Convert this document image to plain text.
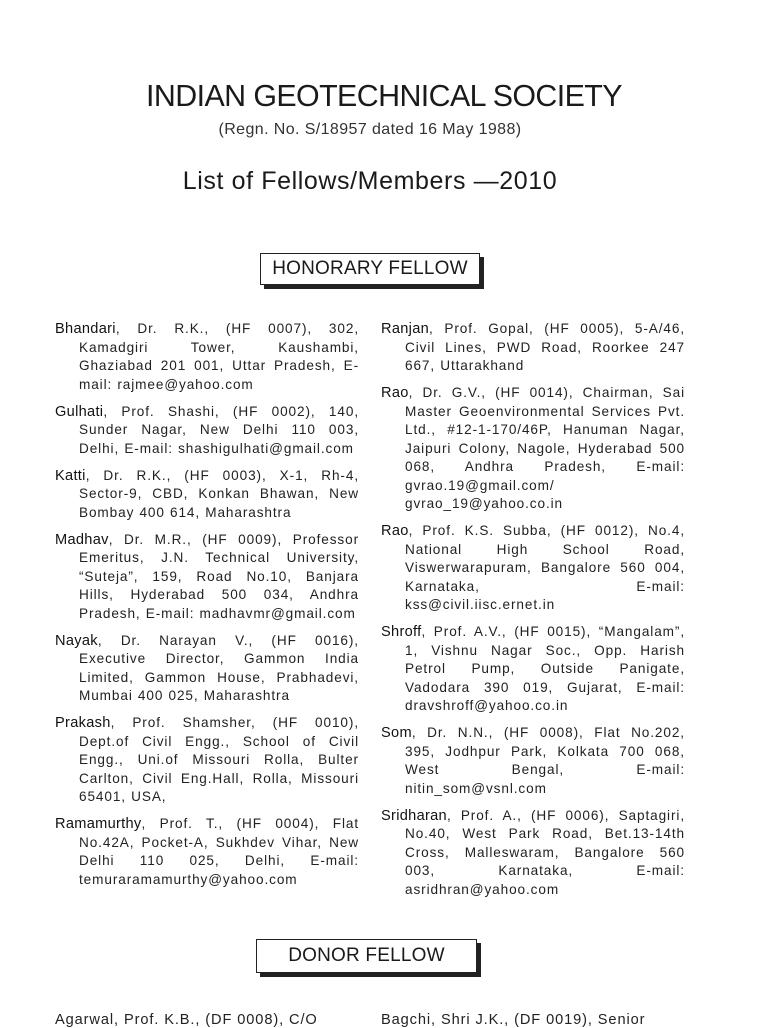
INDIAN GEOTECHNICAL SOCIETY
(Regn. No. S/18957 dated 16 May 1988)
List of Fellows/Members —2010
HONORARY FELLOW
Bhandari, Dr. R.K., (HF 0007), 302, Kamadgiri Tower, Kaushambi, Ghaziabad 201 001, Uttar Pradesh, E-mail: rajmee@yahoo.com
Gulhati, Prof. Shashi, (HF 0002), 140, Sunder Nagar, New Delhi 110 003, Delhi, E-mail: shashigulhati@gmail.com
Katti, Dr. R.K., (HF 0003), X-1, Rh-4, Sector-9, CBD, Konkan Bhawan, New Bombay 400 614, Maharashtra
Madhav, Dr. M.R., (HF 0009), Professor Emeritus, J.N. Technical University, “Suteja”, 159, Road No.10, Banjara Hills, Hyderabad 500 034, Andhra Pradesh, E-mail: madhavmr@gmail.com
Nayak, Dr. Narayan V., (HF 0016), Executive Director, Gammon India Limited, Gammon House, Prabhadevi, Mumbai 400 025, Maharashtra
Prakash, Prof. Shamsher, (HF 0010), Dept.of Civil Engg., School of Civil Engg., Uni.of Missouri Rolla, Bulter Carlton, Civil Eng.Hall, Rolla, Missouri 65401, USA,
Ramamurthy, Prof. T., (HF 0004), Flat No.42A, Pocket-A, Sukhdev Vihar, New Delhi 110 025, Delhi, E-mail: temuraramamurthy@yahoo.com
Ranjan, Prof. Gopal, (HF 0005), 5-A/46, Civil Lines, PWD Road, Roorkee 247 667, Uttarakhand
Rao, Dr. G.V., (HF 0014), Chairman, Sai Master Geoenvironmental Services Pvt. Ltd., #12-1-170/46P, Hanuman Nagar, Jaipuri Colony, Nagole, Hyderabad 500 068, Andhra Pradesh, E-mail: gvrao.19@gmail.com/ gvrao_19@yahoo.co.in
Rao, Prof. K.S. Subba, (HF 0012), No.4, National High School Road, Viswerwarapuram, Bangalore 560 004, Karnataka, E-mail: kss@civil.iisc.ernet.in
Shroff, Prof. A.V., (HF 0015), “Mangalam”, 1, Vishnu Nagar Soc., Opp. Harish Petrol Pump, Outside Panigate, Vadodara 390 019, Gujarat, E-mail: dravshroff@yahoo.co.in
Som, Dr. N.N., (HF 0008), Flat No.202, 395, Jodhpur Park, Kolkata 700 068, West Bengal, E-mail: nitin_som@vsnl.com
Sridharan, Prof. A., (HF 0006), Saptagiri, No.40, West Park Road, Bet.13-14th Cross, Malleswaram, Bangalore 560 003, Karnataka, E-mail: asridhran@yahoo.com
DONOR FELLOW
Agarwal, Prof. K.B., (DF 0008), C/O	Bagchi, Shri J.K., (DF 0019), Senior
